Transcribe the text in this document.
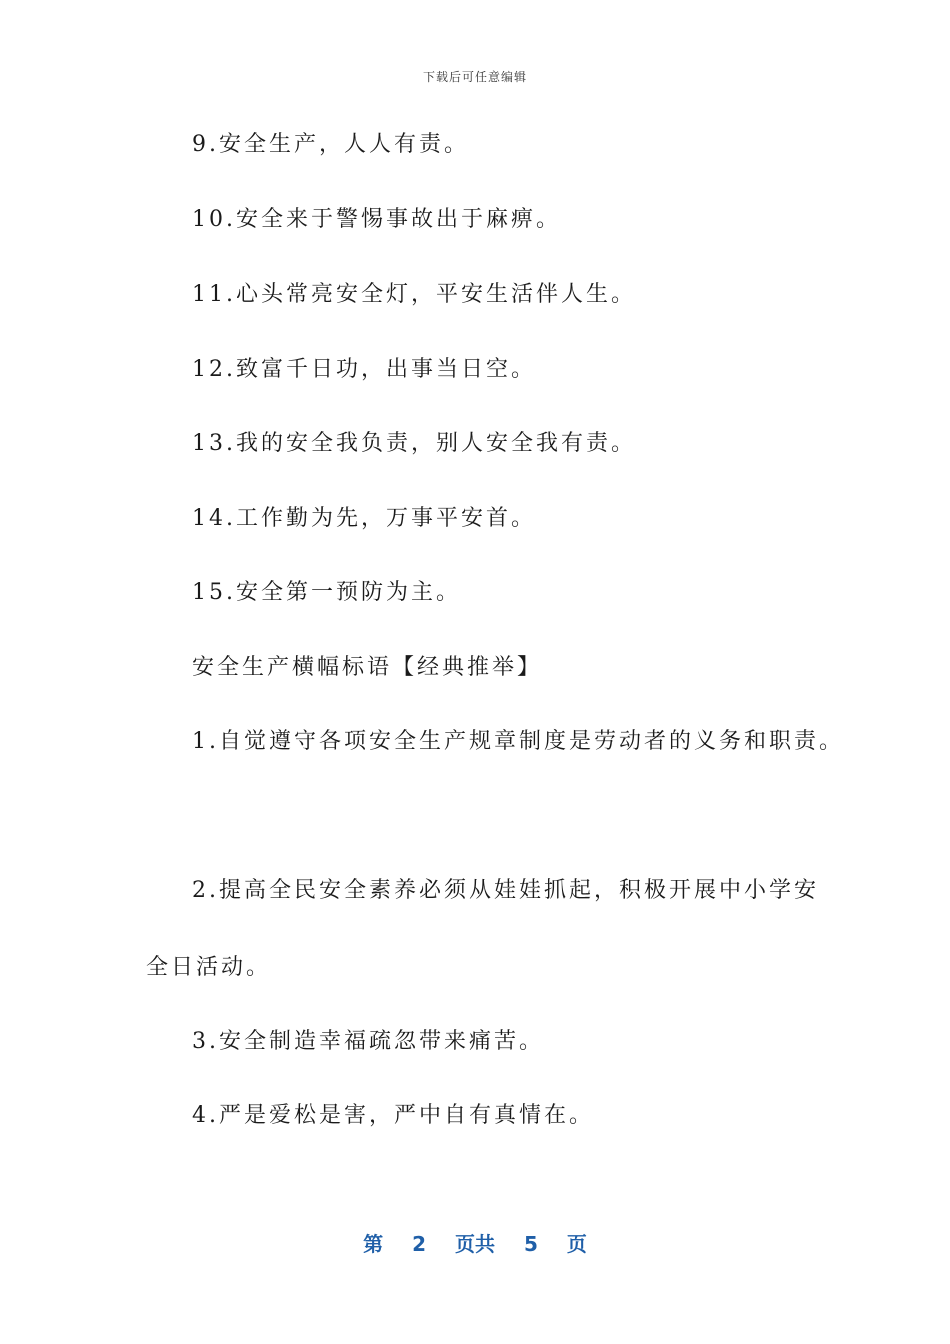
下载后可任意编辑
9.安全生产，人人有责。
10.安全来于警惕事故出于麻痹。
11.心头常亮安全灯，平安生活伴人生。
12.致富千日功，出事当日空。
13.我的安全我负责，别人安全我有责。
14.工作勤为先，万事平安首。
15.安全第一预防为主。
安全生产横幅标语【经典推举】
1.自觉遵守各项安全生产规章制度是劳动者的义务和职责。
2.提高全民安全素养必须从娃娃抓起，积极开展中小学安
全日活动。
3.安全制造幸福疏忽带来痛苦。
4.严是爱松是害，严中自有真情在。
第 2 页共 5 页
